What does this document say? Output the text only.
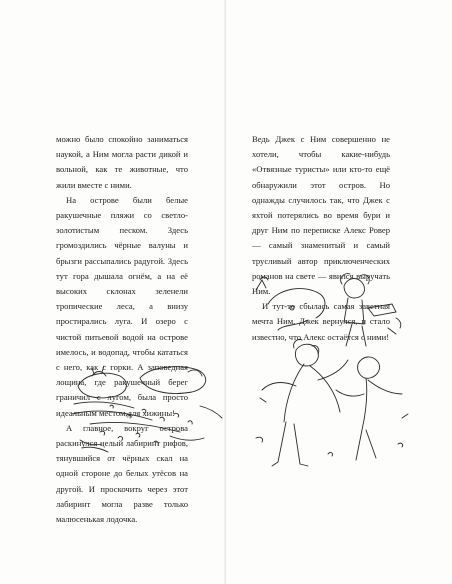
можно было спокойно заниматься наукой, а Ним могла расти дикой и вольной, как те животные, что жили вместе с ними.

На острове были белые ракушечные пляжи со светло-золотистым песком. Здесь громоздились чёрные валуны и брызги рассыпались радугой. Здесь тут гора дышала огнём, а на её высоких склонах зеленели тропические леса, а внизу простирались луга. И озеро с чистой питьевой водой на острове имелось, и водопад, чтобы кататься с него, как с горки. А заповедная лощина, где ракушечный берег граничил с лугом, была просто идеальным местом для хижины!

А главное, вокруг острова раскинулся целый лабиринт рифов, тянувшийся от чёрных скал на одной стороне до белых утёсов на другой. И проскочить через этот лабиринт могла разве только малюсенькая лодочка.

Ведь Джек с Ним совершенно не хотели, чтобы какие-нибудь «Отвязные туристы» или кто-то ещё обнаружили этот остров. Но однажды случилось так, что Джек с яхтой потерялись во время бури и друг Ним по переписке Алекс Ровер — самый знаменитый и самый трусливый автор приключенческих романов на свете — явился выручать Ним.

И тут-то сбылась самая заветная мечта Ним. Джек вернулся, и стало известно, что Алекс остаётся с ними!
